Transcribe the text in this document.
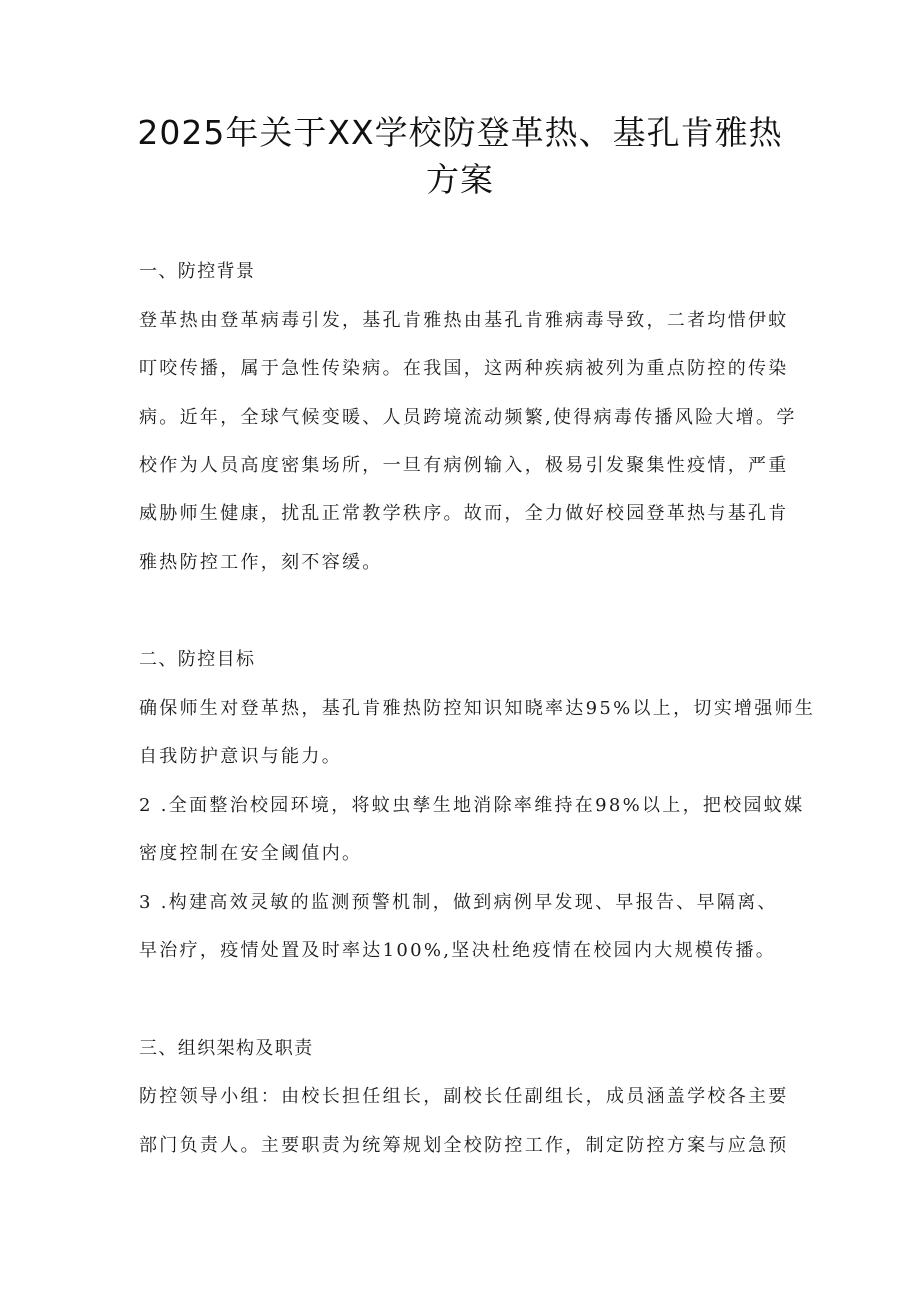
2025年关于XX学校防登革热、基孔肯雅热
方案

一、防控背景

登革热由登革病毒引发，基孔肯雅热由基孔肯雅病毒导致，二者均惜伊蚊

叮咬传播，属于急性传染病。在我国，这两种疾病被列为重点防控的传染

病。近年，全球气候变暖、人员跨境流动频繁,使得病毒传播风险大增。学

校作为人员高度密集场所，一旦有病例输入，极易引发聚集性疫情，严重

威胁师生健康，扰乱正常教学秩序。故而，全力做好校园登革热与基孔肯

雅热防控工作，刻不容缓。

二、防控目标

确保师生对登革热，基孔肯雅热防控知识知晓率达95%以上，切实增强师生

自我防护意识与能力。

2 .全面整治校园环境，将蚊虫孳生地消除率维持在98%以上，把校园蚊媒

密度控制在安全阈值内。

3 .构建高效灵敏的监测预警机制，做到病例早发现、早报告、早隔离、

早治疗，疫情处置及时率达100%,坚决杜绝疫情在校园内大规模传播。

三、组织架构及职责

防控领导小组：由校长担任组长，副校长任副组长，成员涵盖学校各主要

部门负责人。主要职责为统筹规划全校防控工作，制定防控方案与应急预
